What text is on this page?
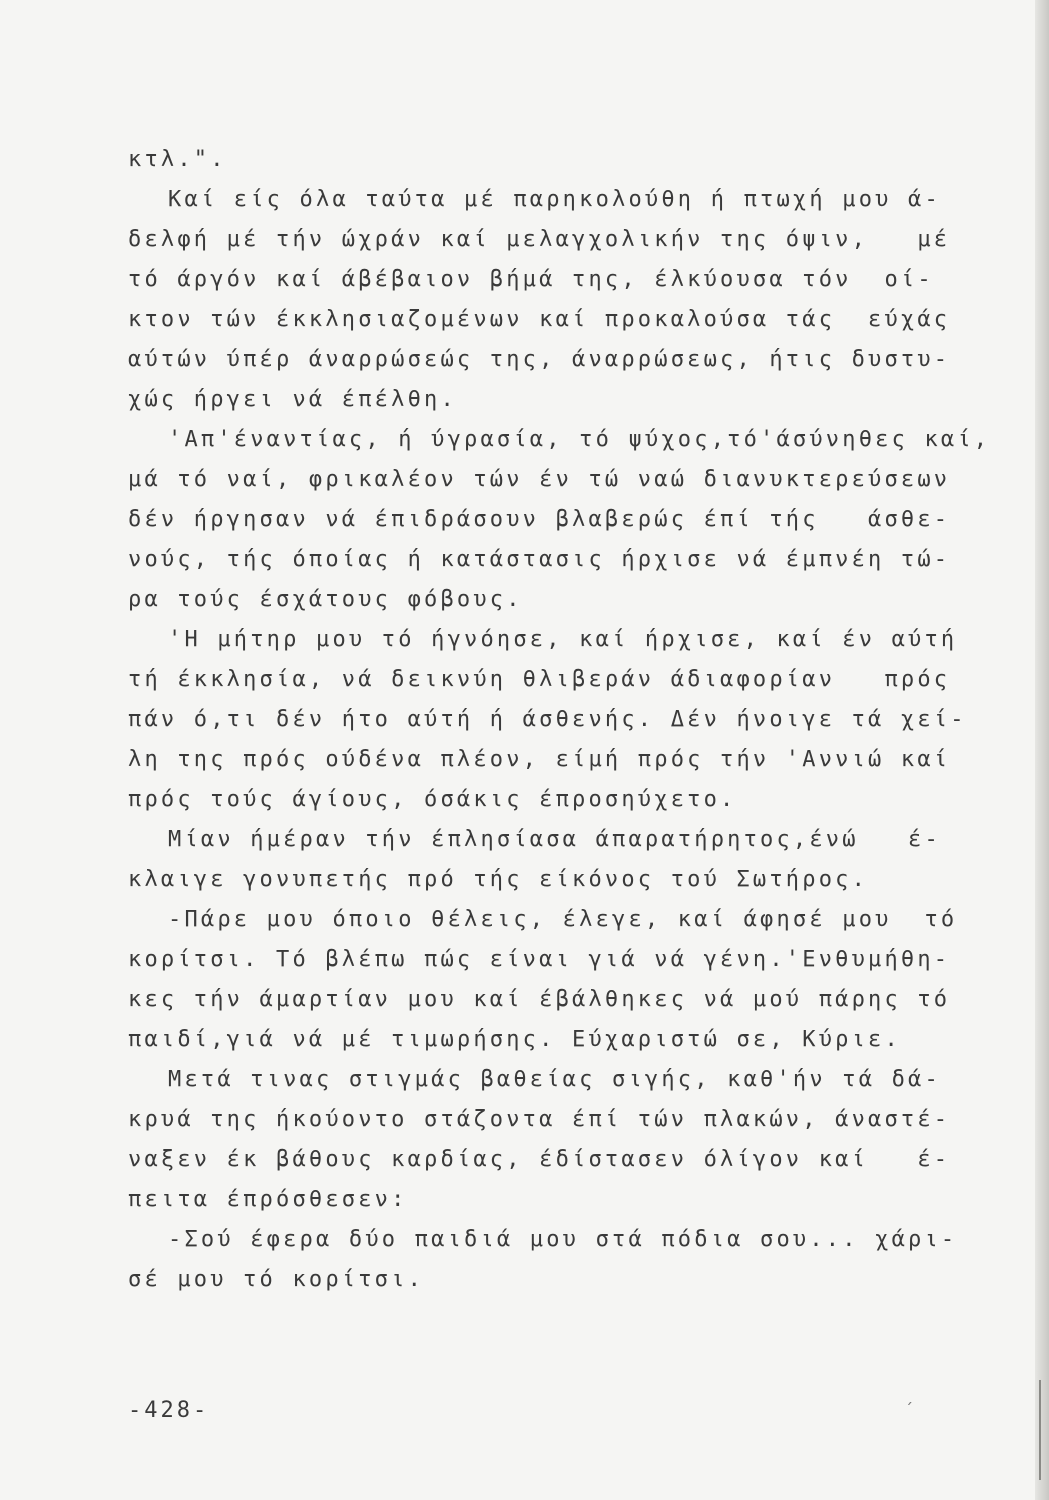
κτλ.".
Καί είς όλα ταύτα μέ παρηκολούθη ή πτωχή μου ά-
δελφή μέ τήν ώχράν καί μελαγχολικήν της όψιν,   μέ
τό άργόν καί άβέβαιον βήμά της, έλκύουσα τόν  οί-
κτον τών έκκλησιαζομένων καί προκαλούσα τάς  εύχάς
αύτών ύπέρ άναρρώσεώς της, άναρρώσεως, ήτις δυστυ-
χώς ήργει νά έπέλθη.
'Απ'έναντίας, ή ύγρασία, τό ψύχος,τό'άσύνηθες καί,
μά τό ναί, φρικαλέον τών έν τώ ναώ διανυκτερεύσεων
δέν ήργησαν νά έπιδράσουν βλαβερώς έπί τής   άσθε-
νούς, τής όποίας ή κατάστασις ήρχισε νά έμπνέη τώ-
ρα τούς έσχάτους φόβους.
'Η μήτηρ μου τό ήγνόησε, καί ήρχισε, καί έν αύτή
τή έκκλησία, νά δεικνύη θλιβεράν άδιαφορίαν   πρός
πάν ό,τι δέν ήτο αύτή ή άσθενής. Δέν ήνοιγε τά χεί-
λη της πρός ούδένα πλέον, είμή πρός τήν 'Αννιώ καί
πρός τούς άγίους, όσάκις έπροσηύχετο.
Μίαν ήμέραν τήν έπλησίασα άπαρατήρητος,ένώ   έ-
κλαιγε γονυπετής πρό τής είκόνος τού Σωτήρος.
-Πάρε μου όποιο θέλεις, έλεγε, καί άφησέ μου  τό
κορίτσι. Τό βλέπω πώς είναι γιά νά γένη.'Ενθυμήθη-
κες τήν άμαρτίαν μου καί έβάλθηκες νά μού πάρης τό
παιδί,γιά νά μέ τιμωρήσης. Εύχαριστώ σε, Κύριε.
Μετά τινας στιγμάς βαθείας σιγής, καθ'ήν τά δά-
κρυά της ήκούοντο στάζοντα έπί τών πλακών, άναστέ-
ναξεν έκ βάθους καρδίας, έδίστασεν όλίγον καί   έ-
πειτα έπρόσθεσεν:
-Σού έφερα δύο παιδιά μου στά πόδια σου... χάρι-
σέ μου τό κορίτσι.
-428-	ˊ
